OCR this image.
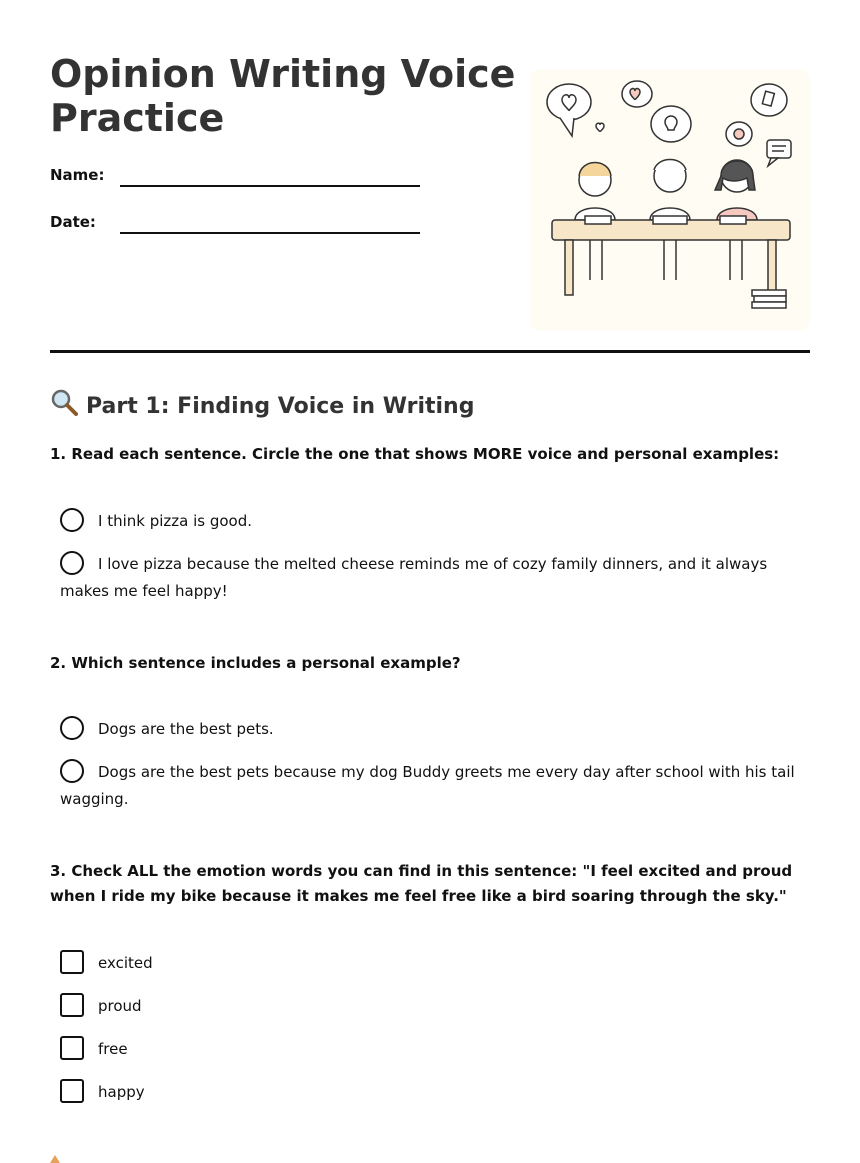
Opinion Writing Voice Practice
Name:
Date:
Part 1: Finding Voice in Writing

1. Read each sentence. Circle the one that shows MORE voice and personal examples:

I think pizza is good.
I love pizza because the melted cheese reminds me of cozy family dinners, and it always makes me feel happy!

2. Which sentence includes a personal example?

Dogs are the best pets.
Dogs are the best pets because my dog Buddy greets me every day after school with his tail wagging.

3. Check ALL the emotion words you can find in this sentence: "I feel excited and proud when I ride my bike because it makes me feel free like a bird soaring through the sky."

excited
proud
free
happy
